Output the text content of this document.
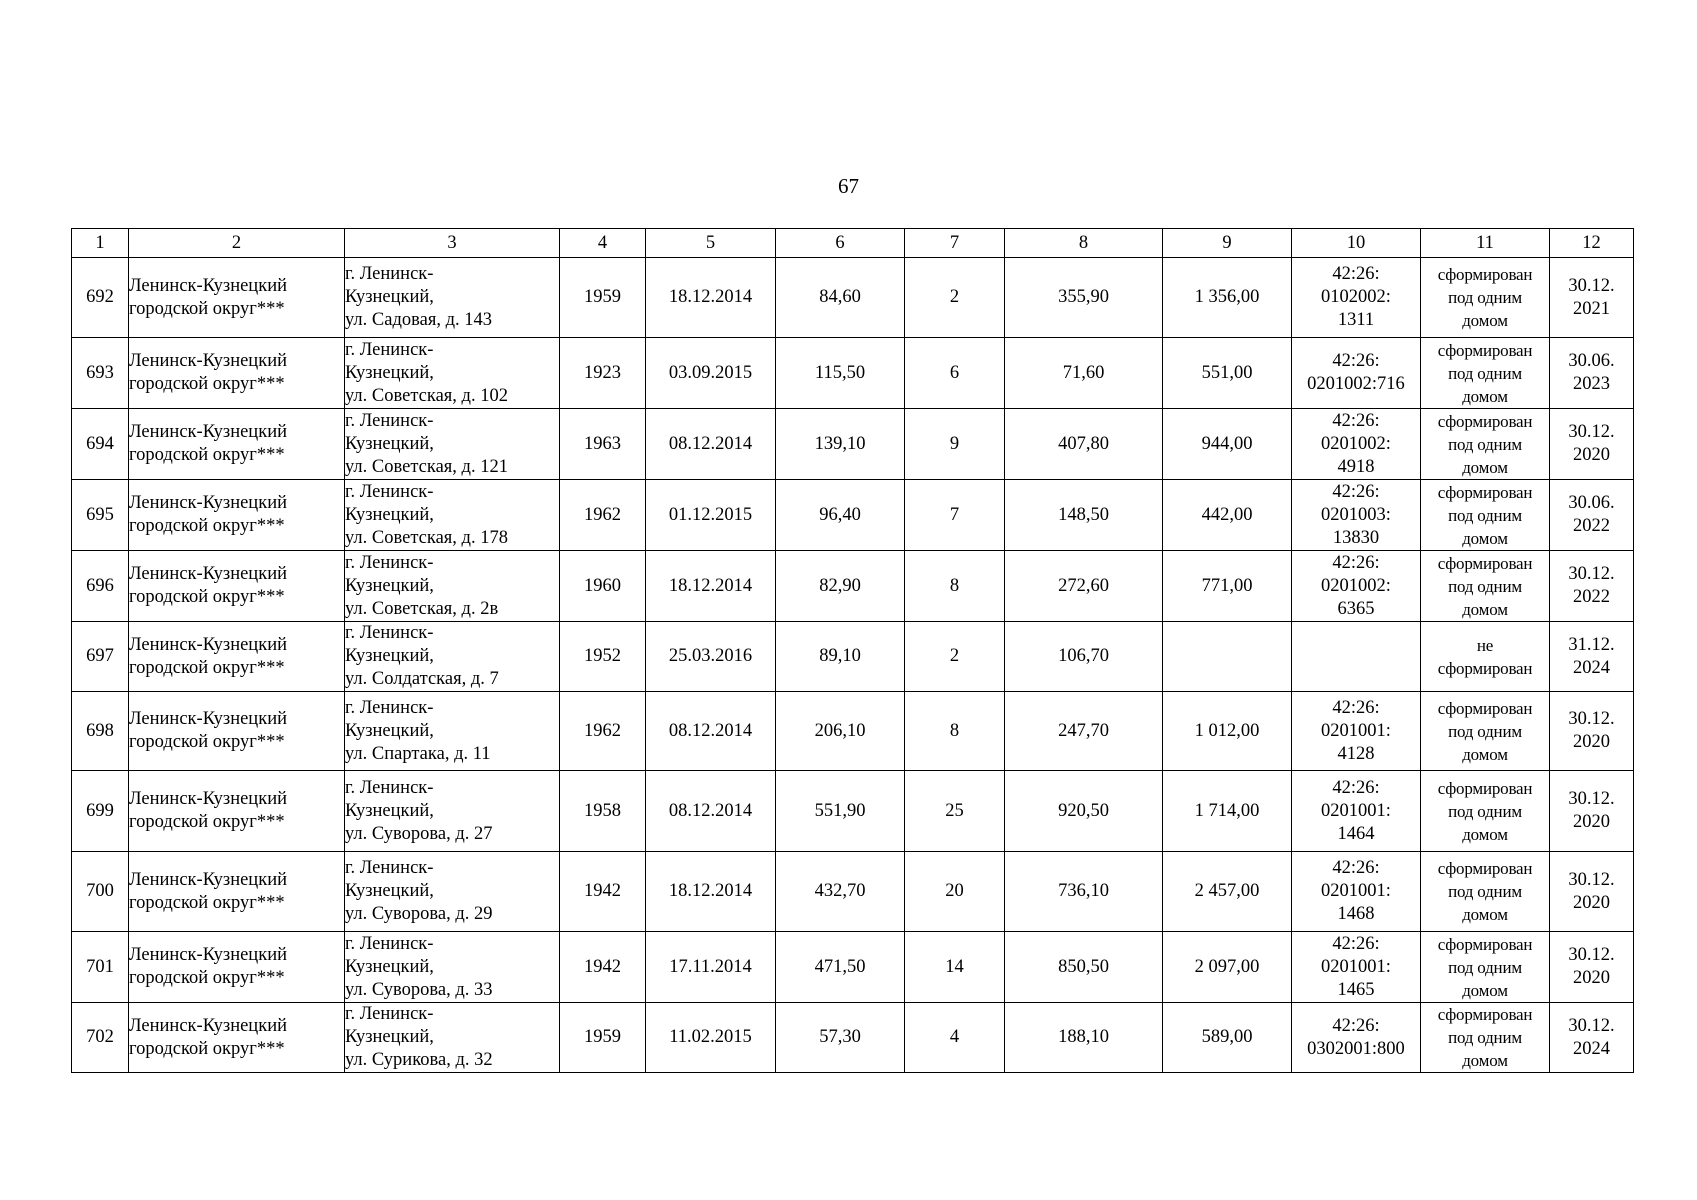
67
1	2	3	4	5	6	7	8	9	10	11	12
692	Ленинск-Кузнецкий
городской округ***	г. Ленинск-
Кузнецкий,
ул. Садовая, д. 143	1959	18.12.2014	84,60	2	355,90	1 356,00	42:26:
0102002:
1311	сформирован
под одним
домом	30.12.
2021

693	Ленинск-Кузнецкий
городской округ***	г. Ленинск-
Кузнецкий,
ул. Советская, д. 102	1923	03.09.2015	115,50	6	71,60	551,00	42:26:
0201002:716	сформирован
под одним
домом	30.06.
2023

694	Ленинск-Кузнецкий
городской округ***	г. Ленинск-
Кузнецкий,
ул. Советская, д. 121	1963	08.12.2014	139,10	9	407,80	944,00	42:26:
0201002:
4918	сформирован
под одним
домом	30.12.
2020

695	Ленинск-Кузнецкий
городской округ***	г. Ленинск-
Кузнецкий,
ул. Советская, д. 178	1962	01.12.2015	96,40	7	148,50	442,00	42:26:
0201003:
13830	сформирован
под одним
домом	30.06.
2022

696	Ленинск-Кузнецкий
городской округ***	г. Ленинск-
Кузнецкий,
ул. Советская, д. 2в	1960	18.12.2014	82,90	8	272,60	771,00	42:26:
0201002:
6365	сформирован
под одним
домом	30.12.
2022

697	Ленинск-Кузнецкий
городской округ***	г. Ленинск-
Кузнецкий,
ул. Солдатская, д. 7	1952	25.03.2016	89,10	2	106,70			не
сформирован	31.12.
2024

698	Ленинск-Кузнецкий
городской округ***	г. Ленинск-
Кузнецкий,
ул. Спартака, д. 11	1962	08.12.2014	206,10	8	247,70	1 012,00	42:26:
0201001:
4128	сформирован
под одним
домом	30.12.
2020

699	Ленинск-Кузнецкий
городской округ***	г. Ленинск-
Кузнецкий,
ул. Суворова, д. 27	1958	08.12.2014	551,90	25	920,50	1 714,00	42:26:
0201001:
1464	сформирован
под одним
домом	30.12.
2020

700	Ленинск-Кузнецкий
городской округ***	г. Ленинск-
Кузнецкий,
ул. Суворова, д. 29	1942	18.12.2014	432,70	20	736,10	2 457,00	42:26:
0201001:
1468	сформирован
под одним
домом	30.12.
2020

701	Ленинск-Кузнецкий
городской округ***	г. Ленинск-
Кузнецкий,
ул. Суворова, д. 33	1942	17.11.2014	471,50	14	850,50	2 097,00	42:26:
0201001:
1465	сформирован
под одним
домом	30.12.
2020

702	Ленинск-Кузнецкий
городской округ***	г. Ленинск-
Кузнецкий,
ул. Сурикова, д. 32	1959	11.02.2015	57,30	4	188,10	589,00	42:26:
0302001:800	сформирован
под одним
домом	30.12.
2024
